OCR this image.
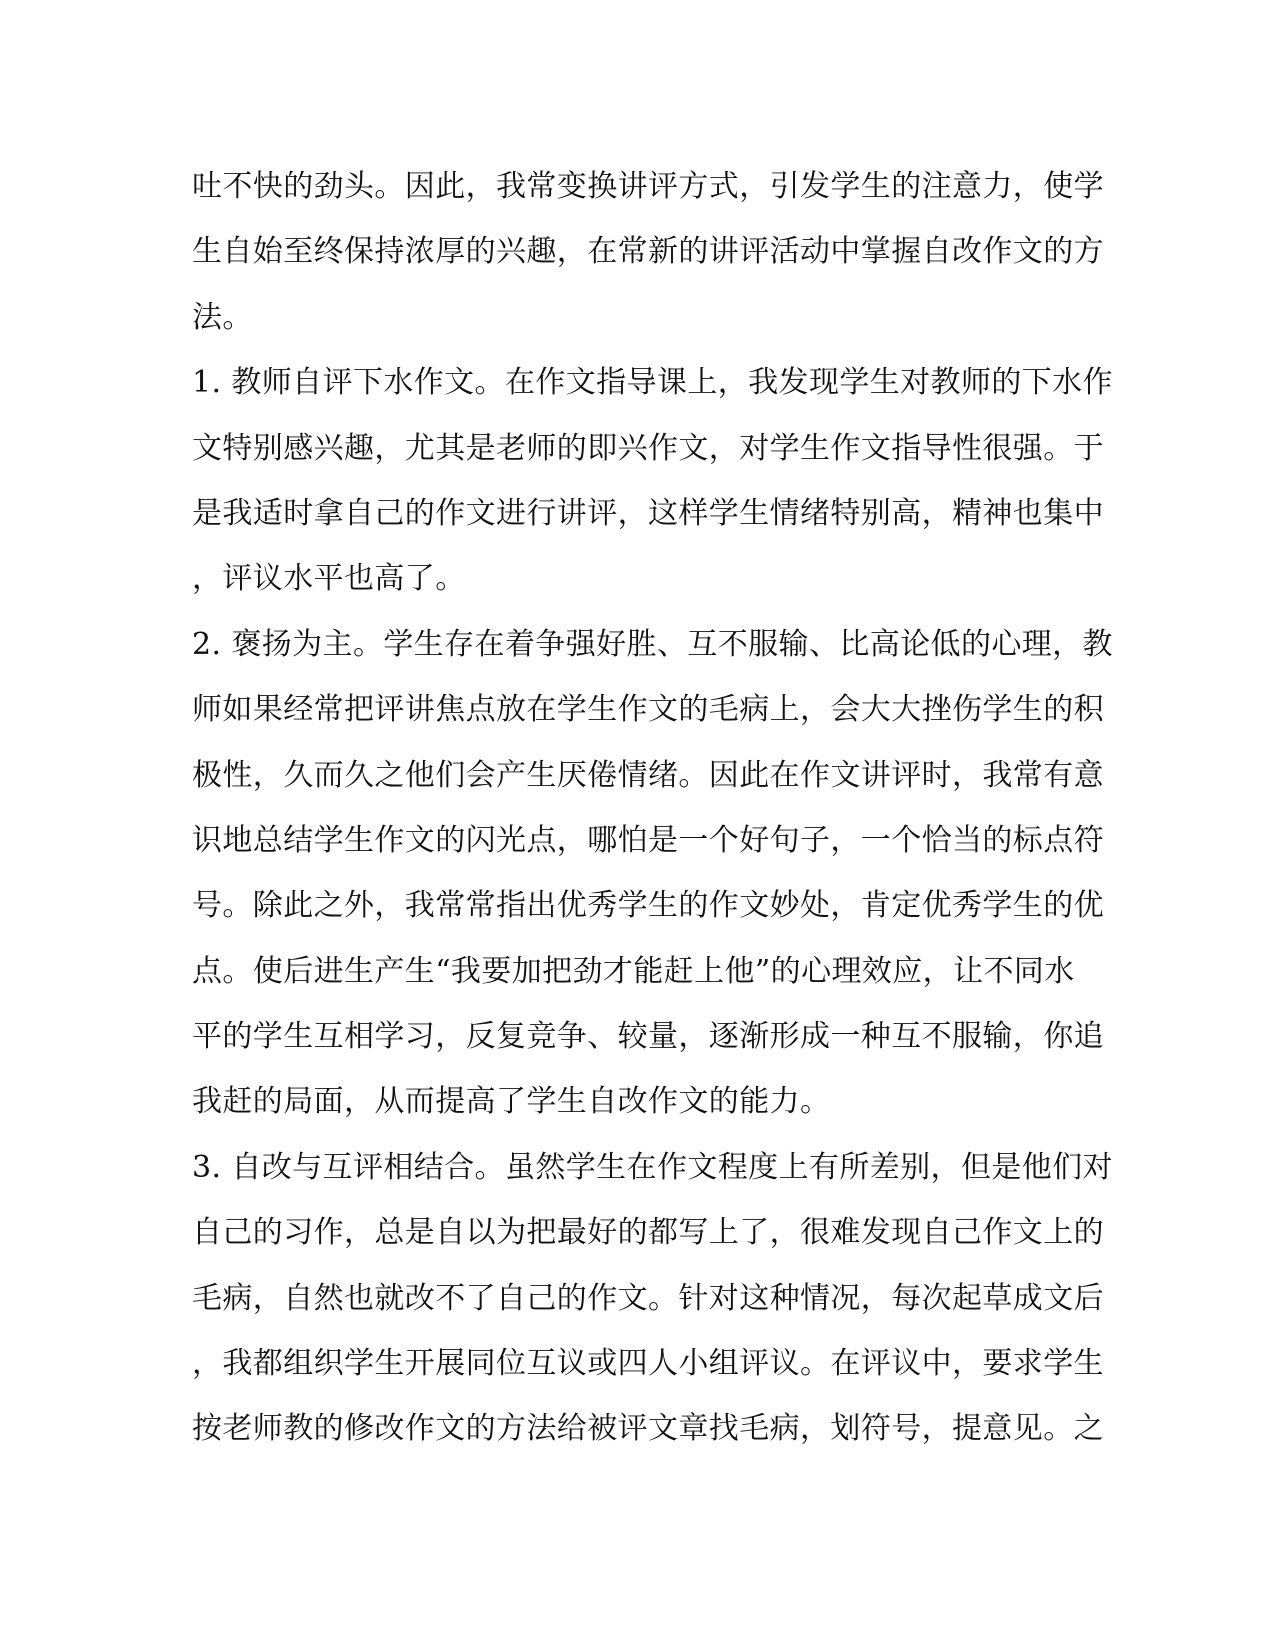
吐不快的劲头。因此，我常变换讲评方式，引发学生的注意力，使学
生自始至终保持浓厚的兴趣，在常新的讲评活动中掌握自改作文的方
法。
1. 教师自评下水作文。在作文指导课上，我发现学生对教师的下水作
文特别感兴趣，尤其是老师的即兴作文，对学生作文指导性很强。于
是我适时拿自己的作文进行讲评，这样学生情绪特别高，精神也集中
，评议水平也高了。
2. 褒扬为主。学生存在着争强好胜、互不服输、比高论低的心理，教
师如果经常把评讲焦点放在学生作文的毛病上，会大大挫伤学生的积
极性，久而久之他们会产生厌倦情绪。因此在作文讲评时，我常有意
识地总结学生作文的闪光点，哪怕是一个好句子，一个恰当的标点符
号。除此之外，我常常指出优秀学生的作文妙处，肯定优秀学生的优
点。使后进生产生“我要加把劲才能赶上他”的心理效应，让不同水
平的学生互相学习，反复竞争、较量，逐渐形成一种互不服输，你追
我赶的局面，从而提高了学生自改作文的能力。
3. 自改与互评相结合。虽然学生在作文程度上有所差别，但是他们对
自己的习作，总是自以为把最好的都写上了，很难发现自己作文上的
毛病，自然也就改不了自己的作文。针对这种情况，每次起草成文后
，我都组织学生开展同位互议或四人小组评议。在评议中，要求学生
按老师教的修改作文的方法给被评文章找毛病，划符号，提意见。之
